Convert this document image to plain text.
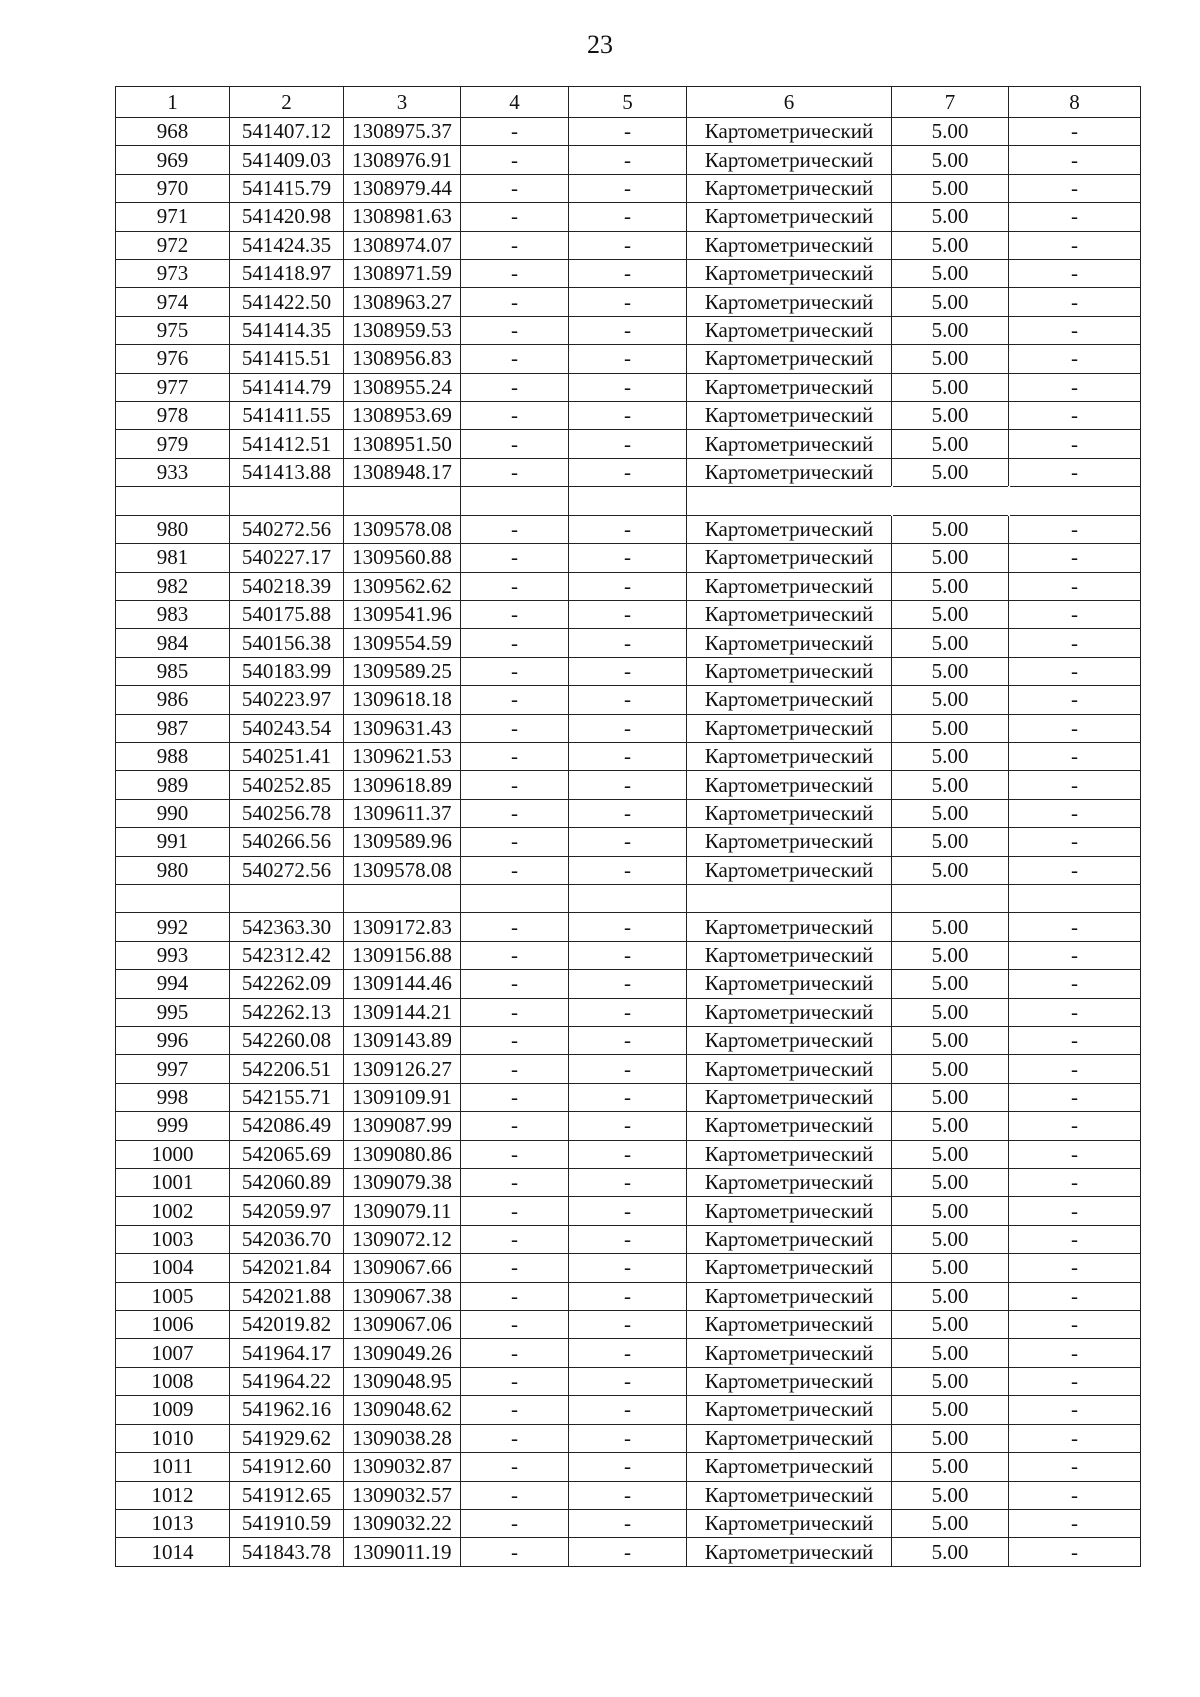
23
1	2	3	4	5	6	7	8
968	541407.12	1308975.37	-	-	Картометрический	5.00	-
969	541409.03	1308976.91	-	-	Картометрический	5.00	-
970	541415.79	1308979.44	-	-	Картометрический	5.00	-
971	541420.98	1308981.63	-	-	Картометрический	5.00	-
972	541424.35	1308974.07	-	-	Картометрический	5.00	-
973	541418.97	1308971.59	-	-	Картометрический	5.00	-
974	541422.50	1308963.27	-	-	Картометрический	5.00	-
975	541414.35	1308959.53	-	-	Картометрический	5.00	-
976	541415.51	1308956.83	-	-	Картометрический	5.00	-
977	541414.79	1308955.24	-	-	Картометрический	5.00	-
978	541411.55	1308953.69	-	-	Картометрический	5.00	-
979	541412.51	1308951.50	-	-	Картометрический	5.00	-
933	541413.88	1308948.17	-	-	Картометрический	5.00	-

980	540272.56	1309578.08	-	-	Картометрический	5.00	-
981	540227.17	1309560.88	-	-	Картометрический	5.00	-
982	540218.39	1309562.62	-	-	Картометрический	5.00	-
983	540175.88	1309541.96	-	-	Картометрический	5.00	-
984	540156.38	1309554.59	-	-	Картометрический	5.00	-
985	540183.99	1309589.25	-	-	Картометрический	5.00	-
986	540223.97	1309618.18	-	-	Картометрический	5.00	-
987	540243.54	1309631.43	-	-	Картометрический	5.00	-
988	540251.41	1309621.53	-	-	Картометрический	5.00	-
989	540252.85	1309618.89	-	-	Картометрический	5.00	-
990	540256.78	1309611.37	-	-	Картометрический	5.00	-
991	540266.56	1309589.96	-	-	Картометрический	5.00	-
980	540272.56	1309578.08	-	-	Картометрический	5.00	-

992	542363.30	1309172.83	-	-	Картометрический	5.00	-
993	542312.42	1309156.88	-	-	Картометрический	5.00	-
994	542262.09	1309144.46	-	-	Картометрический	5.00	-
995	542262.13	1309144.21	-	-	Картометрический	5.00	-
996	542260.08	1309143.89	-	-	Картометрический	5.00	-
997	542206.51	1309126.27	-	-	Картометрический	5.00	-
998	542155.71	1309109.91	-	-	Картометрический	5.00	-
999	542086.49	1309087.99	-	-	Картометрический	5.00	-
1000	542065.69	1309080.86	-	-	Картометрический	5.00	-
1001	542060.89	1309079.38	-	-	Картометрический	5.00	-
1002	542059.97	1309079.11	-	-	Картометрический	5.00	-
1003	542036.70	1309072.12	-	-	Картометрический	5.00	-
1004	542021.84	1309067.66	-	-	Картометрический	5.00	-
1005	542021.88	1309067.38	-	-	Картометрический	5.00	-
1006	542019.82	1309067.06	-	-	Картометрический	5.00	-
1007	541964.17	1309049.26	-	-	Картометрический	5.00	-
1008	541964.22	1309048.95	-	-	Картометрический	5.00	-
1009	541962.16	1309048.62	-	-	Картометрический	5.00	-
1010	541929.62	1309038.28	-	-	Картометрический	5.00	-
1011	541912.60	1309032.87	-	-	Картометрический	5.00	-
1012	541912.65	1309032.57	-	-	Картометрический	5.00	-
1013	541910.59	1309032.22	-	-	Картометрический	5.00	-
1014	541843.78	1309011.19	-	-	Картометрический	5.00	-
